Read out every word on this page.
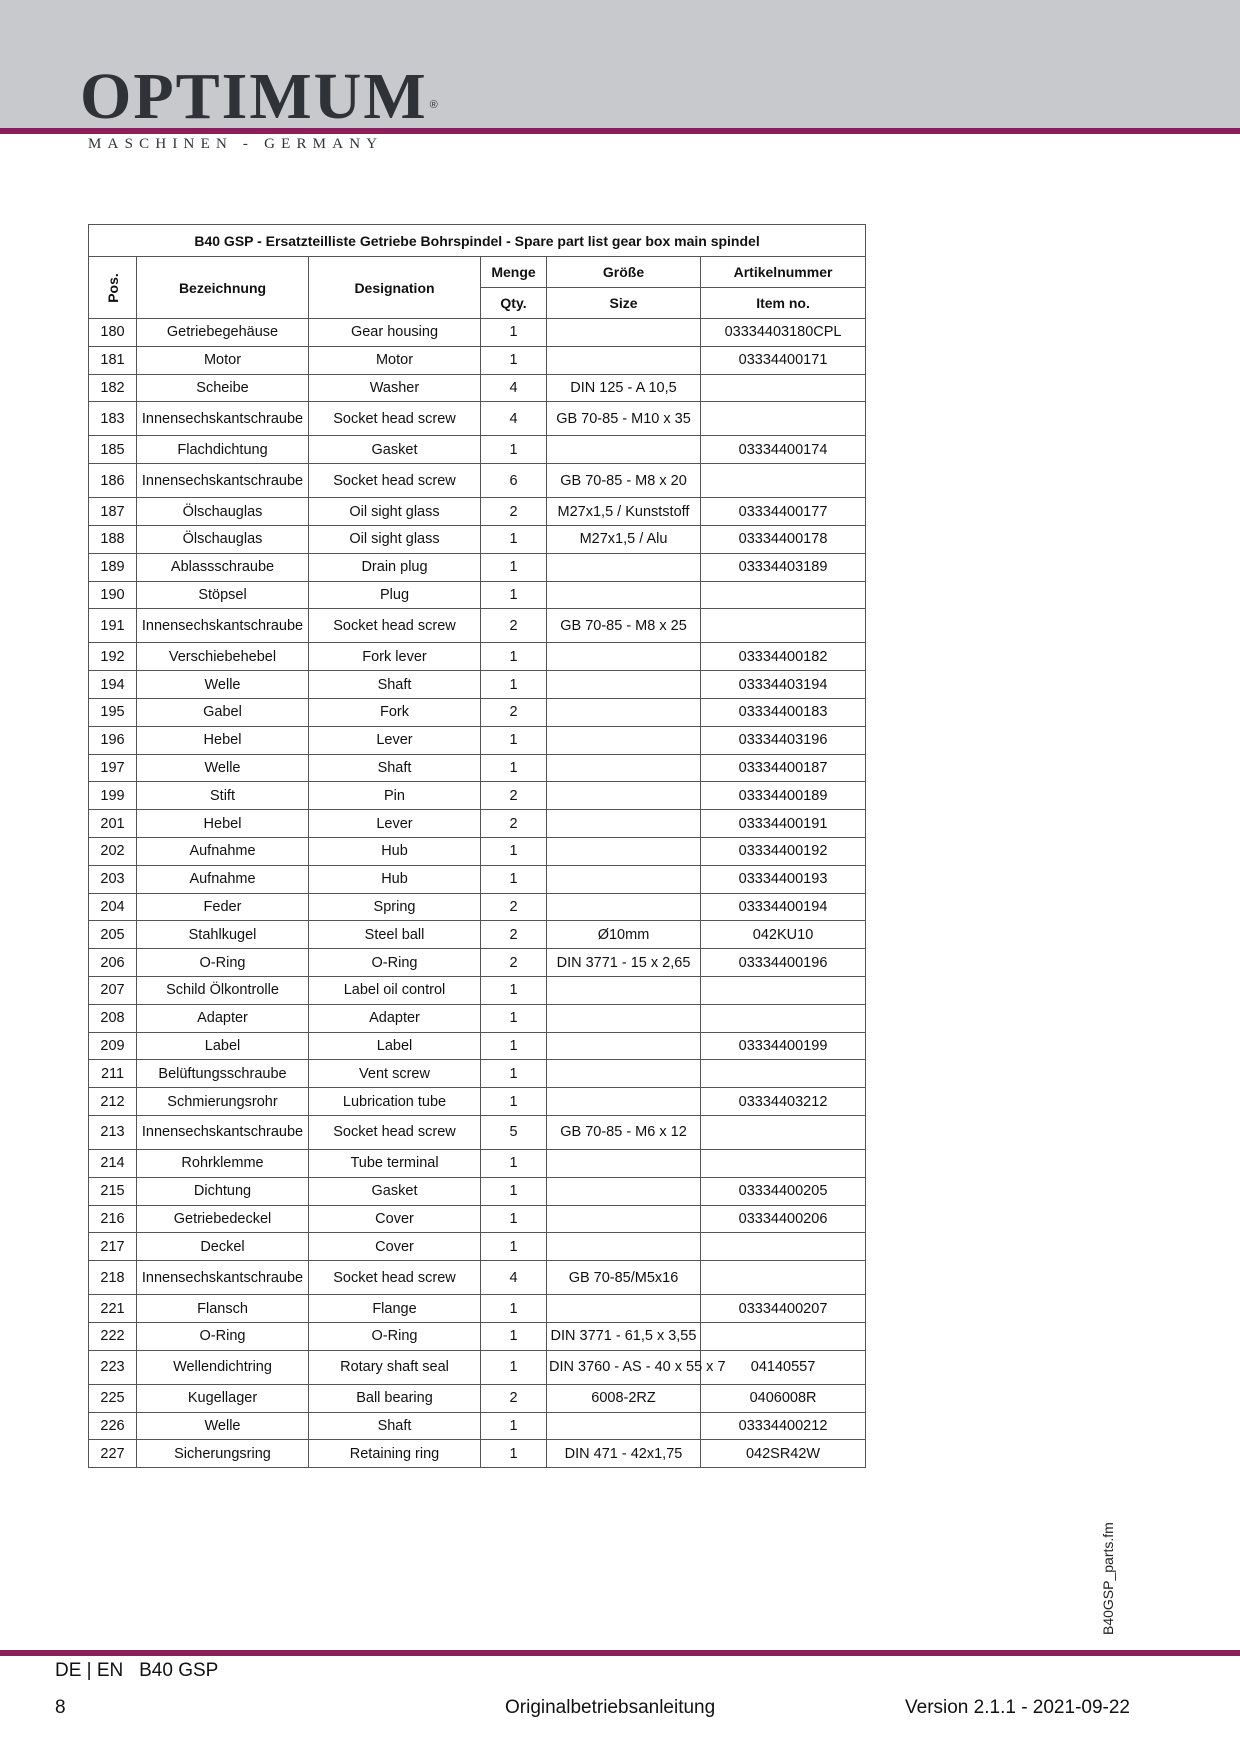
OPTIMUM ®
MASCHINEN - GERMANY
B40 GSP - Ersatzteilliste Getriebe Bohrspindel - Spare part list gear box main spindel					
Pos.	Bezeichnung	Designation	Menge	Größe	Artikelnummer
			Qty.	Size	Item no.
180	Getriebegehäuse	Gear housing	1		03334403180CPL
181	Motor	Motor	1		03334400171
182	Scheibe	Washer	4	DIN 125 - A 10,5	
183	Innensechskantschraube	Socket head screw	4	GB 70-85 - M10 x 35	
185	Flachdichtung	Gasket	1		03334400174
186	Innensechskantschraube	Socket head screw	6	GB 70-85 - M8 x 20	
187	Ölschauglas	Oil sight glass	2	M27x1,5 / Kunststoff	03334400177
188	Ölschauglas	Oil sight glass	1	M27x1,5 / Alu	03334400178
189	Ablassschraube	Drain plug	1		03334403189
190	Stöpsel	Plug	1		
191	Innensechskantschraube	Socket head screw	2	GB 70-85 - M8 x 25	
192	Verschiebehebel	Fork lever	1		03334400182
194	Welle	Shaft	1		03334403194
195	Gabel	Fork	2		03334400183
196	Hebel	Lever	1		03334403196
197	Welle	Shaft	1		03334400187
199	Stift	Pin	2		03334400189
201	Hebel	Lever	2		03334400191
202	Aufnahme	Hub	1		03334400192
203	Aufnahme	Hub	1		03334400193
204	Feder	Spring	2		03334400194
205	Stahlkugel	Steel ball	2	Ø10mm	042KU10
206	O-Ring	O-Ring	2	DIN 3771 - 15 x 2,65	03334400196
207	Schild Ölkontrolle	Label oil control	1		
208	Adapter	Adapter	1		
209	Label	Label	1		03334400199
211	Belüftungsschraube	Vent screw	1		
212	Schmierungsrohr	Lubrication tube	1		03334403212
213	Innensechskantschraube	Socket head screw	5	GB 70-85 - M6 x 12	
214	Rohrklemme	Tube terminal	1		
215	Dichtung	Gasket	1		03334400205
216	Getriebedeckel	Cover	1		03334400206
217	Deckel	Cover	1		
218	Innensechskantschraube	Socket head screw	4	GB 70-85/M5x16	
221	Flansch	Flange	1		03334400207
222	O-Ring	O-Ring	1	DIN 3771 - 61,5 x 3,55	
223	Wellendichtring	Rotary shaft seal	1	DIN 3760 - AS - 40 x 55 x 7	04140557
225	Kugellager	Ball bearing	2	6008-2RZ	0406008R
226	Welle	Shaft	1		03334400212
227	Sicherungsring	Retaining ring	1	DIN 471 - 42x1,75	042SR42W
B40GSP_parts.fm
DE | EN B40 GSP
8	Originalbetriebsanleitung	Version 2.1.1 - 2021-09-22
